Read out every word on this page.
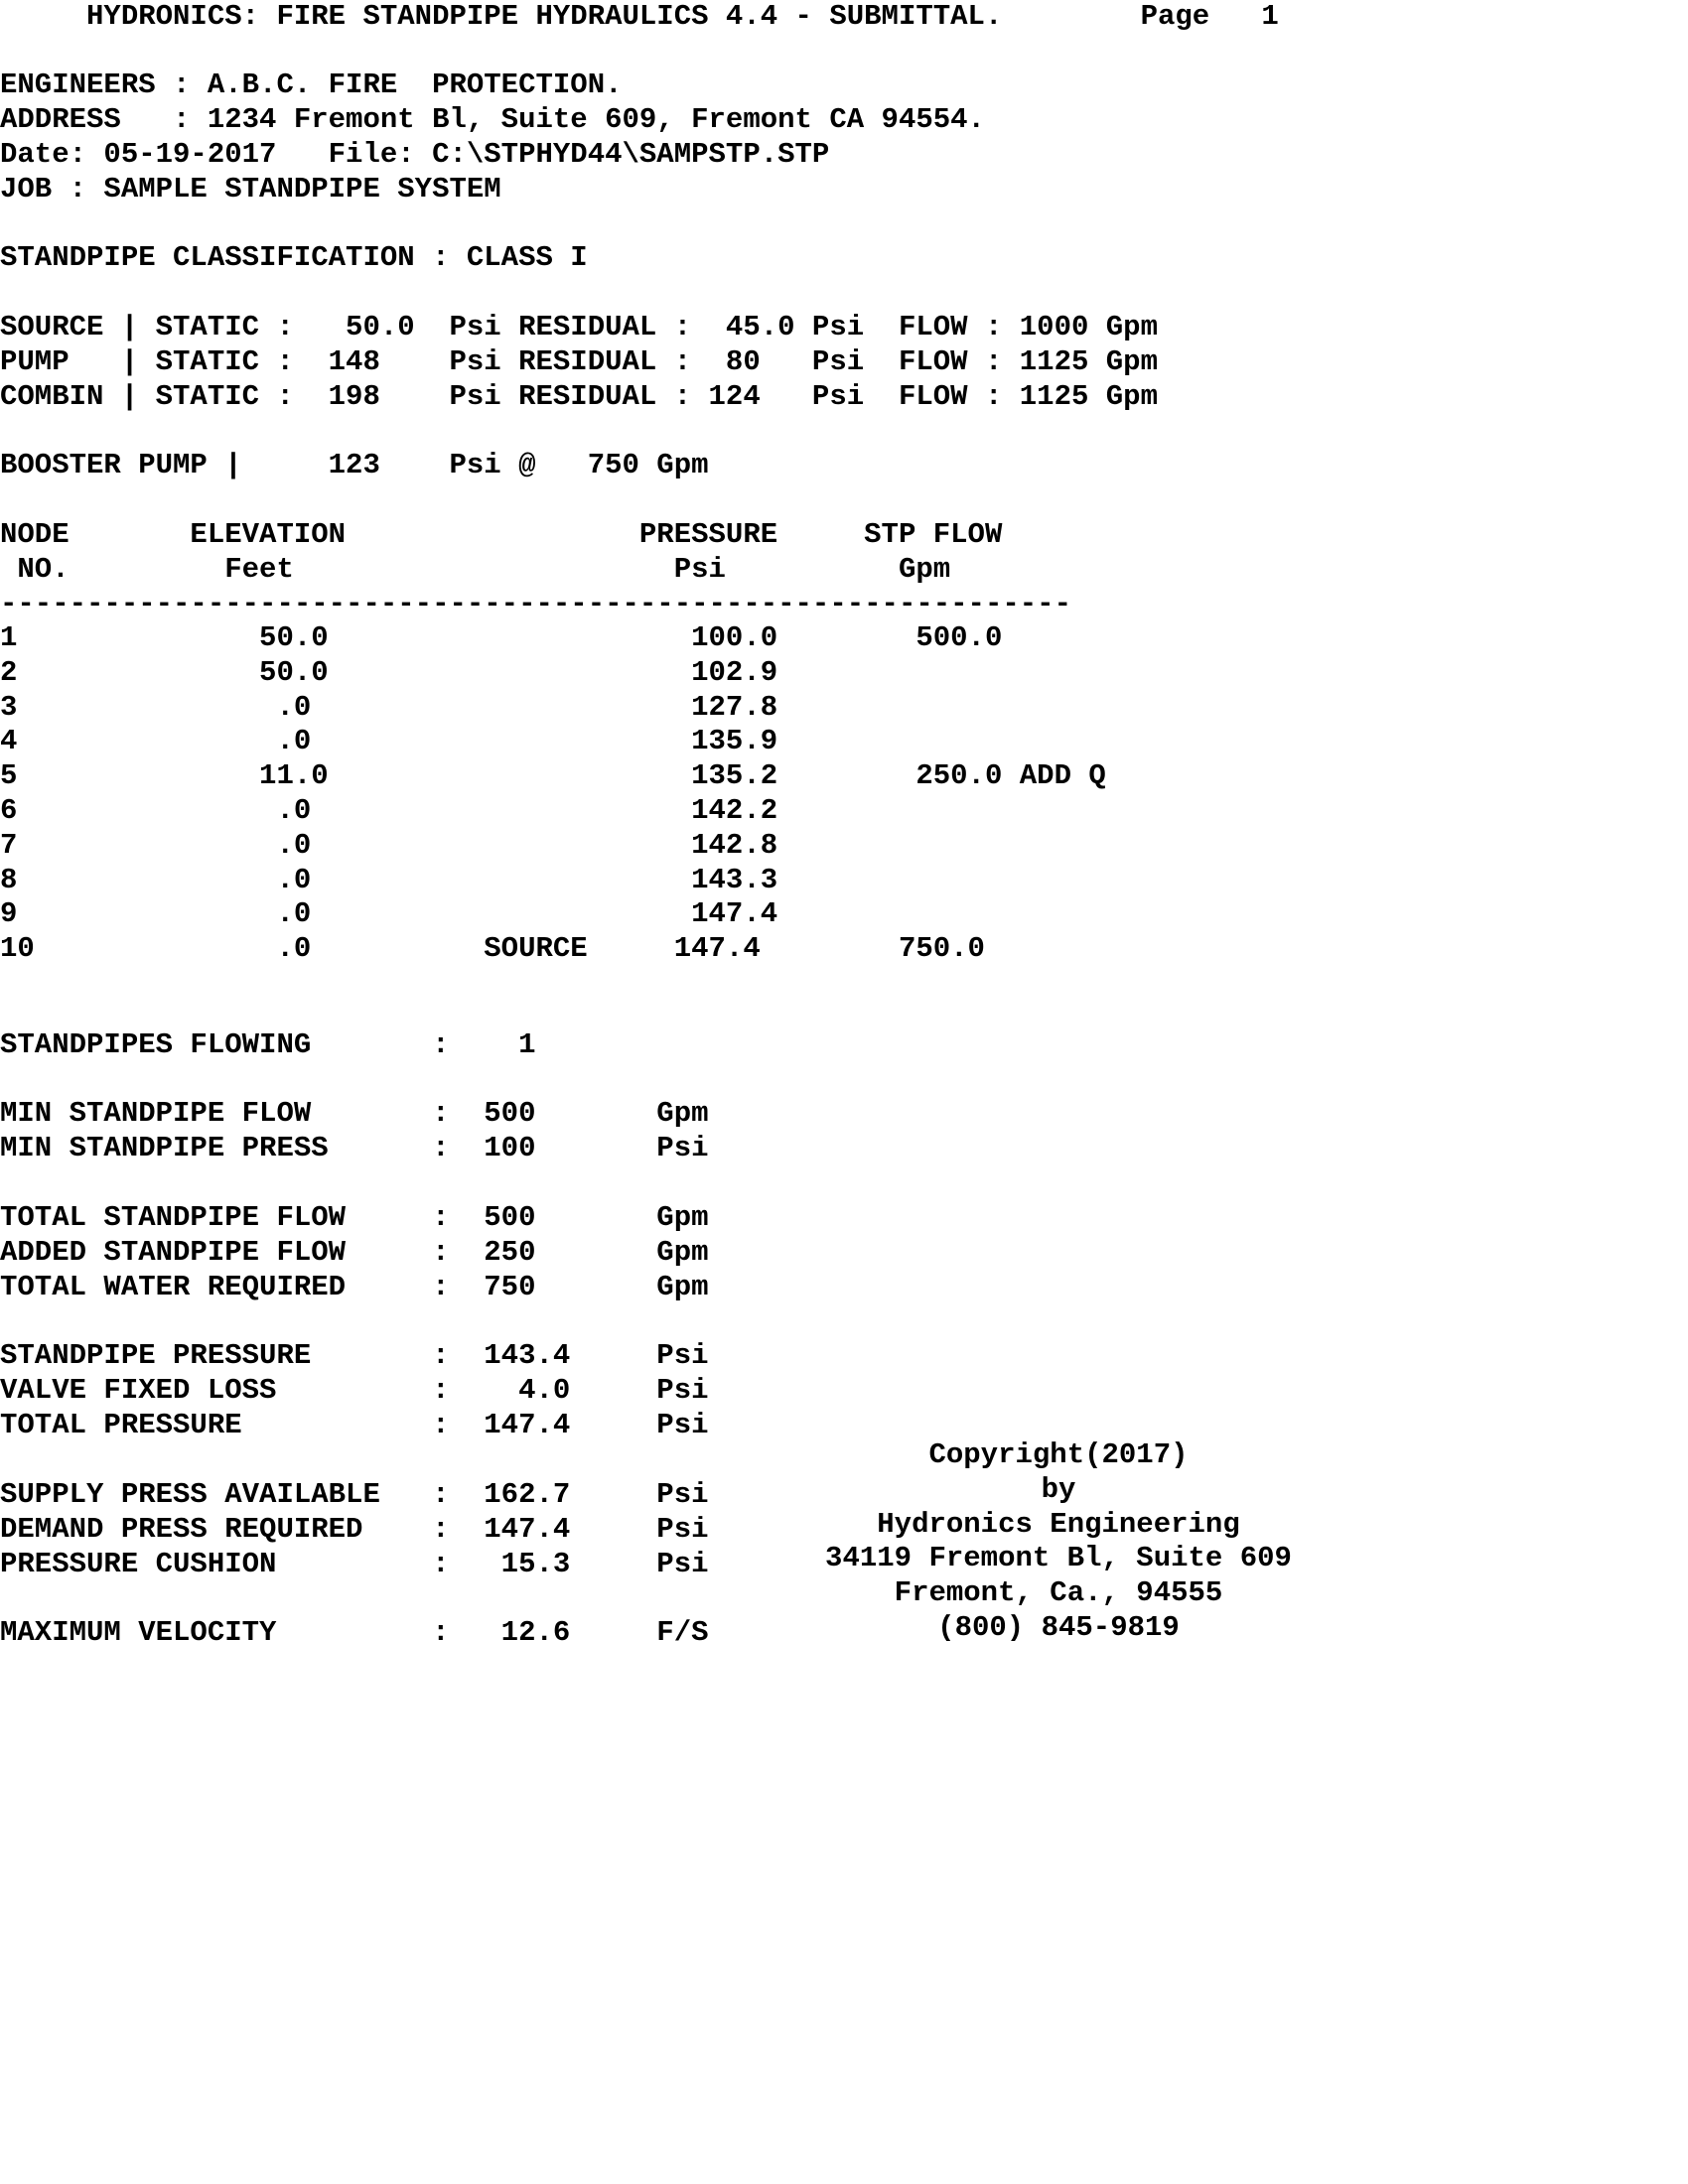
HYDRONICS: FIRE STANDPIPE HYDRAULICS 4.4 - SUBMITTAL.        Page   1
ENGINEERS : A.B.C. FIRE  PROTECTION.
ADDRESS   : 1234 Fremont Bl, Suite 609, Fremont CA 94554.
Date: 05-19-2017   File: C:\STPHYD44\SAMPSTP.STP
JOB : SAMPLE STANDPIPE SYSTEM
STANDPIPE CLASSIFICATION : CLASS I
SOURCE | STATIC :   50.0  Psi RESIDUAL :  45.0 Psi  FLOW : 1000 Gpm
PUMP   | STATIC :  148    Psi RESIDUAL :  80   Psi  FLOW : 1125 Gpm
COMBIN | STATIC :  198    Psi RESIDUAL : 124   Psi  FLOW : 1125 Gpm
BOOSTER PUMP |     123    Psi @   750 Gpm
NODE       ELEVATION                 PRESSURE     STP FLOW
NO.         Feet                      Psi          Gpm
--------------------------------------------------------------
1              50.0                     100.0        500.0
2              50.0                     102.9
3               .0                      127.8
4               .0                      135.9
5              11.0                     135.2        250.0 ADD Q
6               .0                      142.2
7               .0                      142.8
8               .0                      143.3
9               .0                      147.4
10              .0          SOURCE     147.4        750.0
STANDPIPES FLOWING       :    1
MIN STANDPIPE FLOW       :  500       Gpm
MIN STANDPIPE PRESS      :  100       Psi
TOTAL STANDPIPE FLOW     :  500       Gpm
ADDED STANDPIPE FLOW     :  250       Gpm
TOTAL WATER REQUIRED     :  750       Gpm
STANDPIPE PRESSURE       :  143.4     Psi
VALVE FIXED LOSS         :    4.0     Psi
TOTAL PRESSURE           :  147.4     Psi
SUPPLY PRESS AVAILABLE   :  162.7     Psi
DEMAND PRESS REQUIRED    :  147.4     Psi
PRESSURE CUSHION         :   15.3     Psi
MAXIMUM VELOCITY         :   12.6     F/S
Copyright(2017)
by
Hydronics Engineering
34119 Fremont Bl, Suite 609
Fremont, Ca., 94555
(800) 845-9819
